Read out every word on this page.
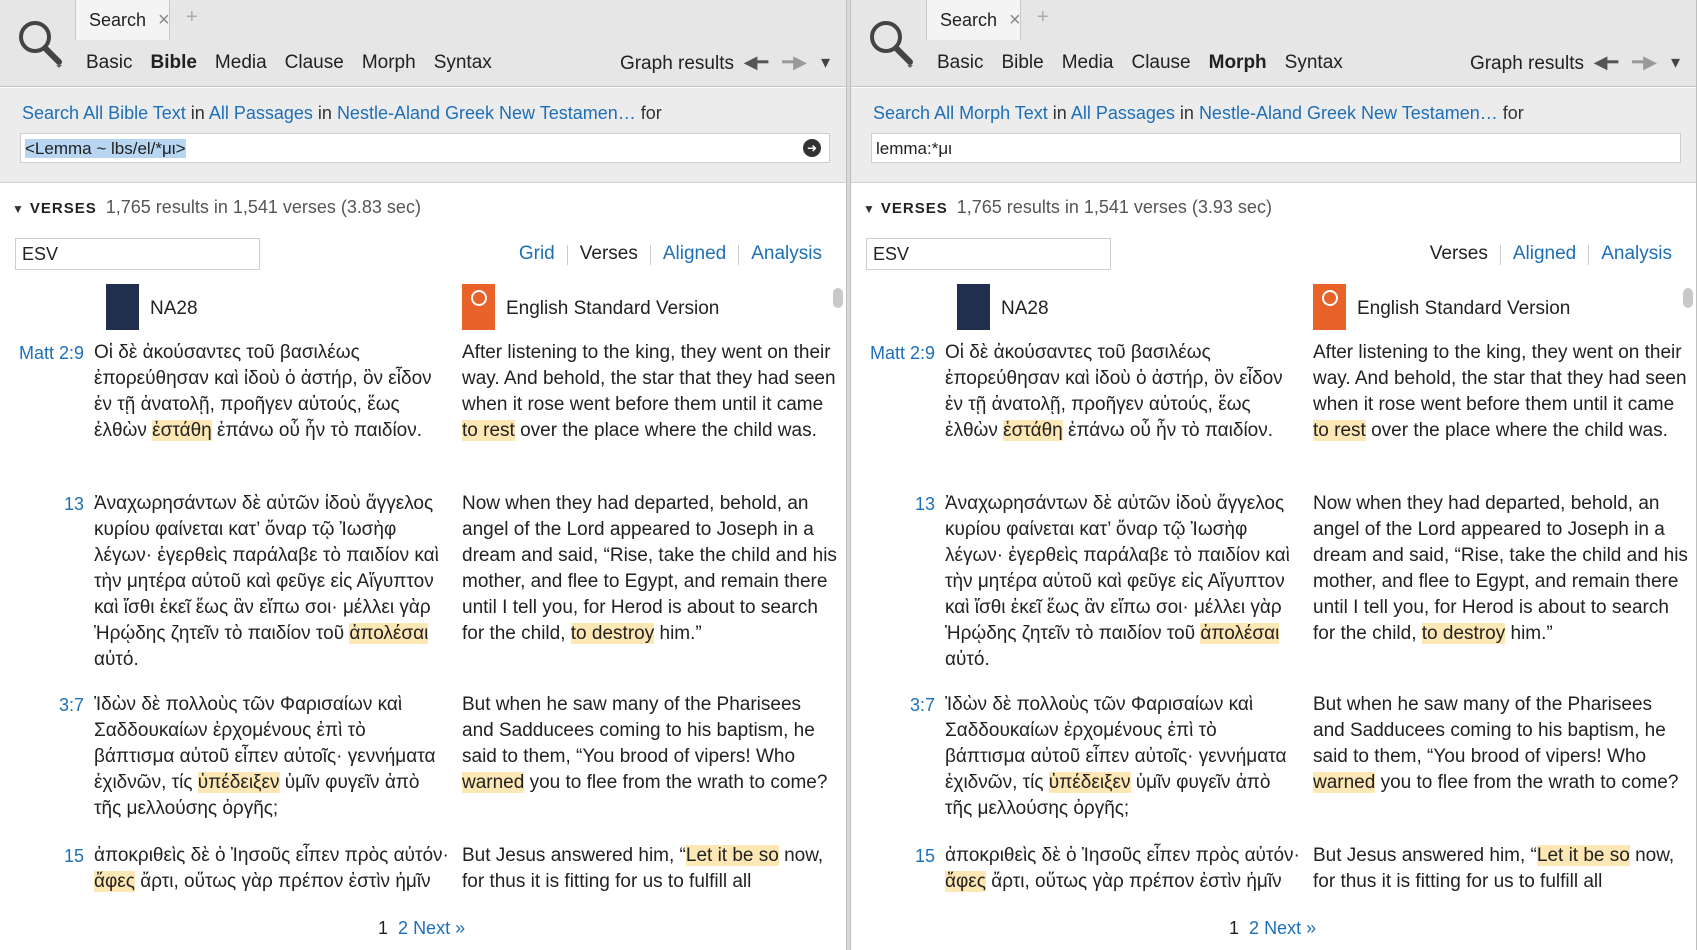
Search × +
Basic Bible Media Clause Morph Syntax	Graph results ◀━ ━▶ ▾
Search All Bible Text in All Passages in Nestle-Aland Greek New Testamen… for
<Lemma ~ lbs/el/*μι>	➜
▼ VERSES 1,765 results in 1,541 verses (3.83 sec)
ESV	Grid	Verses	Aligned	Analysis
NA28	English Standard Version
Matt 2:9 Οἱ δὲ ἀκούσαντες τοῦ βασιλέως ἐπορεύθησαν καὶ ἰδοὺ ὁ ἀστήρ, ὃν εἶδον ἐν τῇ ἀνατολῇ, προῆγεν αὐτούς, ἕως ἐλθὼν ἐστάθη ἐπάνω οὗ ἦν τὸ παιδίον.
After listening to the king, they went on their way. And behold, the star that they had seen when it rose went before them until it came to rest over the place where the child was.
13 Ἀναχωρησάντων δὲ αὐτῶν ἰδοὺ ἄγγελος κυρίου φαίνεται κατ’ ὄναρ τῷ Ἰωσὴφ λέγων· ἐγερθεὶς παράλαβε τὸ παιδίον καὶ τὴν μητέρα αὐτοῦ καὶ φεῦγε εἰς Αἴγυπτον καὶ ἴσθι ἐκεῖ ἕως ἂν εἴπω σοι· μέλλει γὰρ Ἡρῴδης ζητεῖν τὸ παιδίον τοῦ ἀπολέσαι αὐτό.
Now when they had departed, behold, an angel of the Lord appeared to Joseph in a dream and said, “Rise, take the child and his mother, and flee to Egypt, and remain there until I tell you, for Herod is about to search for the child, to destroy him.”
3:7 Ἰδὼν δὲ πολλοὺς τῶν Φαρισαίων καὶ Σαδδουκαίων ἐρχομένους ἐπὶ τὸ βάπτισμα αὐτοῦ εἶπεν αὐτοῖς· γεννήματα ἐχιδνῶν, τίς ὑπέδειξεν ὑμῖν φυγεῖν ἀπὸ τῆς μελλούσης ὀργῆς;
But when he saw many of the Pharisees and Sadducees coming to his baptism, he said to them, “You brood of vipers! Who warned you to flee from the wrath to come?
15 ἀποκριθεὶς δὲ ὁ Ἰησοῦς εἶπεν πρὸς αὐτόν· ἄφες ἄρτι, οὕτως γὰρ πρέπον ἐστὶν ἡμῖν
But Jesus answered him, “Let it be so now, for thus it is fitting for us to fulfill all
1 2 Next »
Search × +
Basic Bible Media Clause Morph Syntax	Graph results ◀━ ━▶ ▾
Search All Morph Text in All Passages in Nestle-Aland Greek New Testamen… for
lemma:*μι
▼ VERSES 1,765 results in 1,541 verses (3.93 sec)
ESV	Verses	Aligned	Analysis
NA28	English Standard Version
Matt 2:9 Οἱ δὲ ἀκούσαντες τοῦ βασιλέως ἐπορεύθησαν καὶ ἰδοὺ ὁ ἀστήρ, ὃν εἶδον ἐν τῇ ἀνατολῇ, προῆγεν αὐτούς, ἕως ἐλθὼν ἐστάθη ἐπάνω οὗ ἦν τὸ παιδίον.
After listening to the king, they went on their way. And behold, the star that they had seen when it rose went before them until it came to rest over the place where the child was.
13 Ἀναχωρησάντων δὲ αὐτῶν ἰδοὺ ἄγγελος κυρίου φαίνεται κατ’ ὄναρ τῷ Ἰωσὴφ λέγων· ἐγερθεὶς παράλαβε τὸ παιδίον καὶ τὴν μητέρα αὐτοῦ καὶ φεῦγε εἰς Αἴγυπτον καὶ ἴσθι ἐκεῖ ἕως ἂν εἴπω σοι· μέλλει γὰρ Ἡρῴδης ζητεῖν τὸ παιδίον τοῦ ἀπολέσαι αὐτό.
Now when they had departed, behold, an angel of the Lord appeared to Joseph in a dream and said, “Rise, take the child and his mother, and flee to Egypt, and remain there until I tell you, for Herod is about to search for the child, to destroy him.”
3:7 Ἰδὼν δὲ πολλοὺς τῶν Φαρισαίων καὶ Σαδδουκαίων ἐρχομένους ἐπὶ τὸ βάπτισμα αὐτοῦ εἶπεν αὐτοῖς· γεννήματα ἐχιδνῶν, τίς ὑπέδειξεν ὑμῖν φυγεῖν ἀπὸ τῆς μελλούσης ὀργῆς;
But when he saw many of the Pharisees and Sadducees coming to his baptism, he said to them, “You brood of vipers! Who warned you to flee from the wrath to come?
15 ἀποκριθεὶς δὲ ὁ Ἰησοῦς εἶπεν πρὸς αὐτόν· ἄφες ἄρτι, οὕτως γὰρ πρέπον ἐστὶν ἡμῖν
But Jesus answered him, “Let it be so now, for thus it is fitting for us to fulfill all
1 2 Next »
